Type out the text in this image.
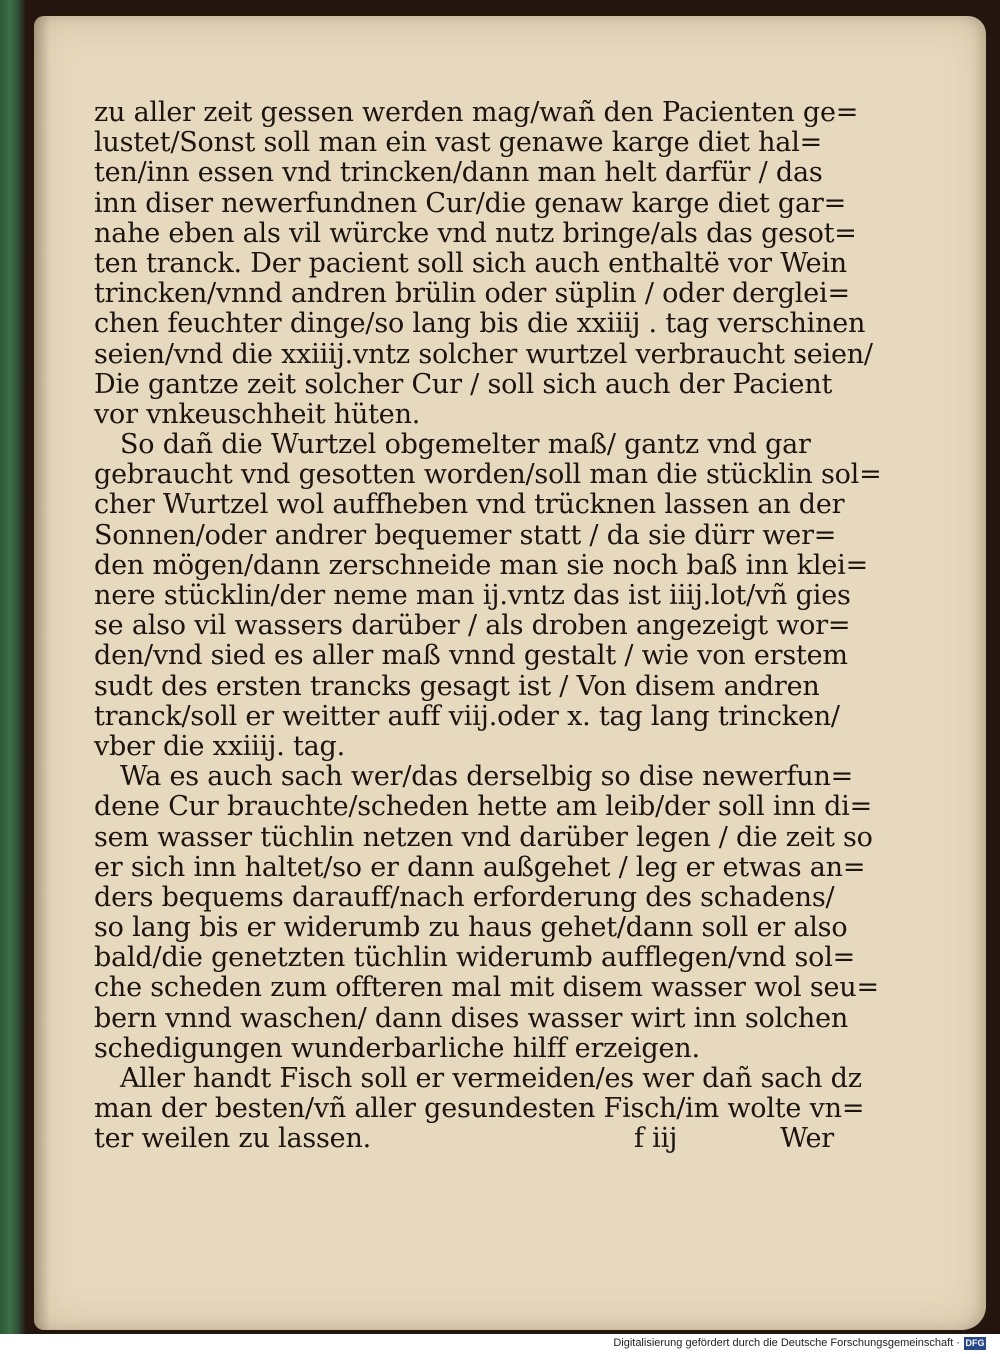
zu aller zeit gessen werden mag/wañ den Pacienten ge=
lustet/Sonst soll man ein vast genawe karge diet hal=
ten/inn essen vnd trincken/dann man helt darfür / das
inn diser newerfundnen Cur/die genaw karge diet gar=
nahe eben als vil würcke vnd nutz bringe/als das gesot=
ten tranck. Der pacient soll sich auch enthaltë vor Wein
trincken/vnnd andren brülin oder süplin / oder derglei=
chen feuchter dinge/so lang bis die xxiiij . tag verschinen
seien/vnd die xxiiij.vntz solcher wurtzel verbraucht seien/
Die gantze zeit solcher Cur / soll sich auch der Pacient
vor vnkeuschheit hüten.
So dañ die Wurtzel obgemelter maß/ gantz vnd gar
gebraucht vnd gesotten worden/soll man die stücklin sol=
cher Wurtzel wol auffheben vnd trücknen lassen an der
Sonnen/oder andrer bequemer statt / da sie dürr wer=
den mögen/dann zerschneide man sie noch baß inn klei=
nere stücklin/der neme man ij.vntz das ist iiij.lot/vñ gies
se also vil wassers darüber / als droben angezeigt wor=
den/vnd sied es aller maß vnnd gestalt / wie von erstem
sudt des ersten trancks gesagt ist / Von disem andren
tranck/soll er weitter auff viij.oder x. tag lang trincken/
vber die xxiiij. tag.
Wa es auch sach wer/das derselbig so dise newerfun=
dene Cur brauchte/scheden hette am leib/der soll inn di=
sem wasser tüchlin netzen vnd darüber legen / die zeit so
er sich inn haltet/so er dann außgehet / leg er etwas an=
ders bequems darauff/nach erforderung des schadens/
so lang bis er widerumb zu haus gehet/dann soll er also
bald/die genetzten tüchlin widerumb aufflegen/vnd sol=
che scheden zum offteren mal mit disem wasser wol seu=
bern vnnd waschen/ dann dises wasser wirt inn solchen
schedigungen wunderbarliche hilff erzeigen.
Aller handt Fisch soll er vermeiden/es wer dañ sach dz
man der besten/vñ aller gesundesten Fisch/im wolte vn=
ter weilen zu lassen.	f iij	Wer
Digitalisierung gefördert durch die Deutsche Forschungsgemeinschaft · DFG
